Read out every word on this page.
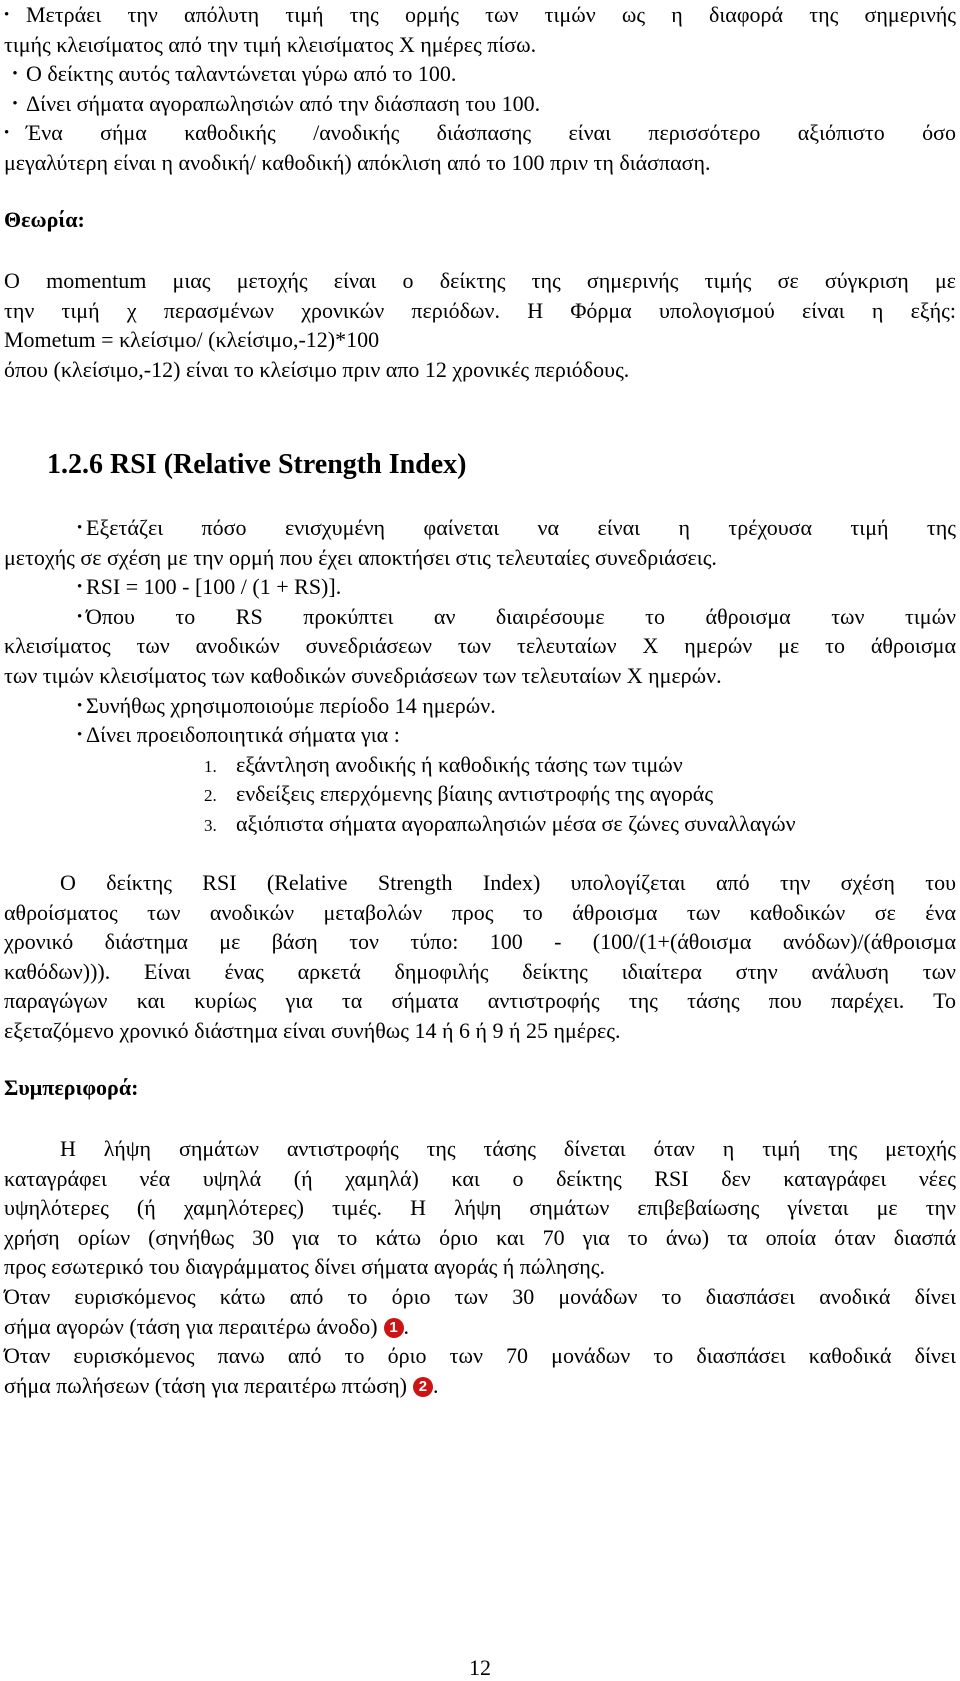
• Μετράει την απόλυτη τιμή της ορμής των τιμών ως η διαφορά της σημερινής
τιμής κλεισίματος από την τιμή κλεισίματος Χ ημέρες πίσω.
• Ο δείκτης αυτός ταλαντώνεται γύρω από το 100.
• Δίνει σήματα αγοραπωλησιών από την διάσπαση του 100.
• Ένα σήμα καθοδικής /ανοδικής διάσπασης είναι περισσότερο αξιόπιστο όσο
μεγαλύτερη είναι η ανοδική/ καθοδική) απόκλιση από το 100 πριν τη διάσπαση.
Θεωρία:
Ο momentum μιας μετοχής είναι ο δείκτης της σημερινής τιμής σε σύγκριση με
την τιμή χ περασμένων χρονικών περιόδων. Η Φόρμα υπολογισμού είναι η εξής:
Mometum = κλείσιμο/ (κλείσιμο,-12)*100
όπου (κλείσιμο,-12) είναι το κλείσιμο πριν απο 12 χρονικές περιόδους.
1.2.6 RSI (Relative Strength Index)
• Εξετάζει πόσο ενισχυμένη φαίνεται να είναι η τρέχουσα τιμή της
μετοχής σε σχέση με την ορμή που έχει αποκτήσει στις τελευταίες συνεδριάσεις.
• RSI = 100 - [100 / (1 + RS)].
• Όπου το RS προκύπτει αν διαιρέσουμε το άθροισμα των τιμών
κλεισίματος των ανοδικών συνεδριάσεων των τελευταίων Χ ημερών με το άθροισμα
των τιμών κλεισίματος των καθοδικών συνεδριάσεων των τελευταίων Χ ημερών.
• Συνήθως χρησιμοποιούμε περίοδο 14 ημερών.
• Δίνει προειδοποιητικά σήματα για :
1. εξάντληση ανοδικής ή καθοδικής τάσης των τιμών
2. ενδείξεις επερχόμενης βίαιης αντιστροφής της αγοράς
3. αξιόπιστα σήματα αγοραπωλησιών μέσα σε ζώνες συναλλαγών
Ο δείκτης RSI (Relative Strength Index) υπολογίζεται από την σχέση του
αθροίσματος των ανοδικών μεταβολών προς το άθροισμα των καθοδικών σε ένα
χρονικό διάστημα με βάση τον τύπο: 100 - (100/(1+(άθοισμα ανόδων)/(άθροισμα
καθόδων))). Είναι ένας αρκετά δημοφιλής δείκτης ιδιαίτερα στην ανάλυση των
παραγώγων και κυρίως για τα σήματα αντιστροφής της τάσης που παρέχει. Το
εξεταζόμενο χρονικό διάστημα είναι συνήθως 14 ή 6 ή 9 ή 25 ημέρες.
Συμπεριφορά:
Η λήψη σημάτων αντιστροφής της τάσης δίνεται όταν η τιμή της μετοχής
καταγράφει νέα υψηλά (ή χαμηλά) και ο δείκτης RSI δεν καταγράφει νέες
υψηλότερες (ή χαμηλότερες) τιμές. Η λήψη σημάτων επιβεβαίωσης γίνεται με την
χρήση ορίων (σηνήθως 30 για το κάτω όριο και 70 για το άνω) τα οποία όταν διασπά
προς εσωτερικό του διαγράμματος δίνει σήματα αγοράς ή πώλησης.
Όταν ευρισκόμενος κάτω από το όριο των 30 μονάδων το διασπάσει ανοδικά δίνει
σήμα αγορών (τάση για περαιτέρω άνοδο) 1 .
Όταν ευρισκόμενος πανω από το όριο των 70 μονάδων το διασπάσει καθοδικά δίνει
σήμα πωλήσεων (τάση για περαιτέρω πτώση) 2 .
12
